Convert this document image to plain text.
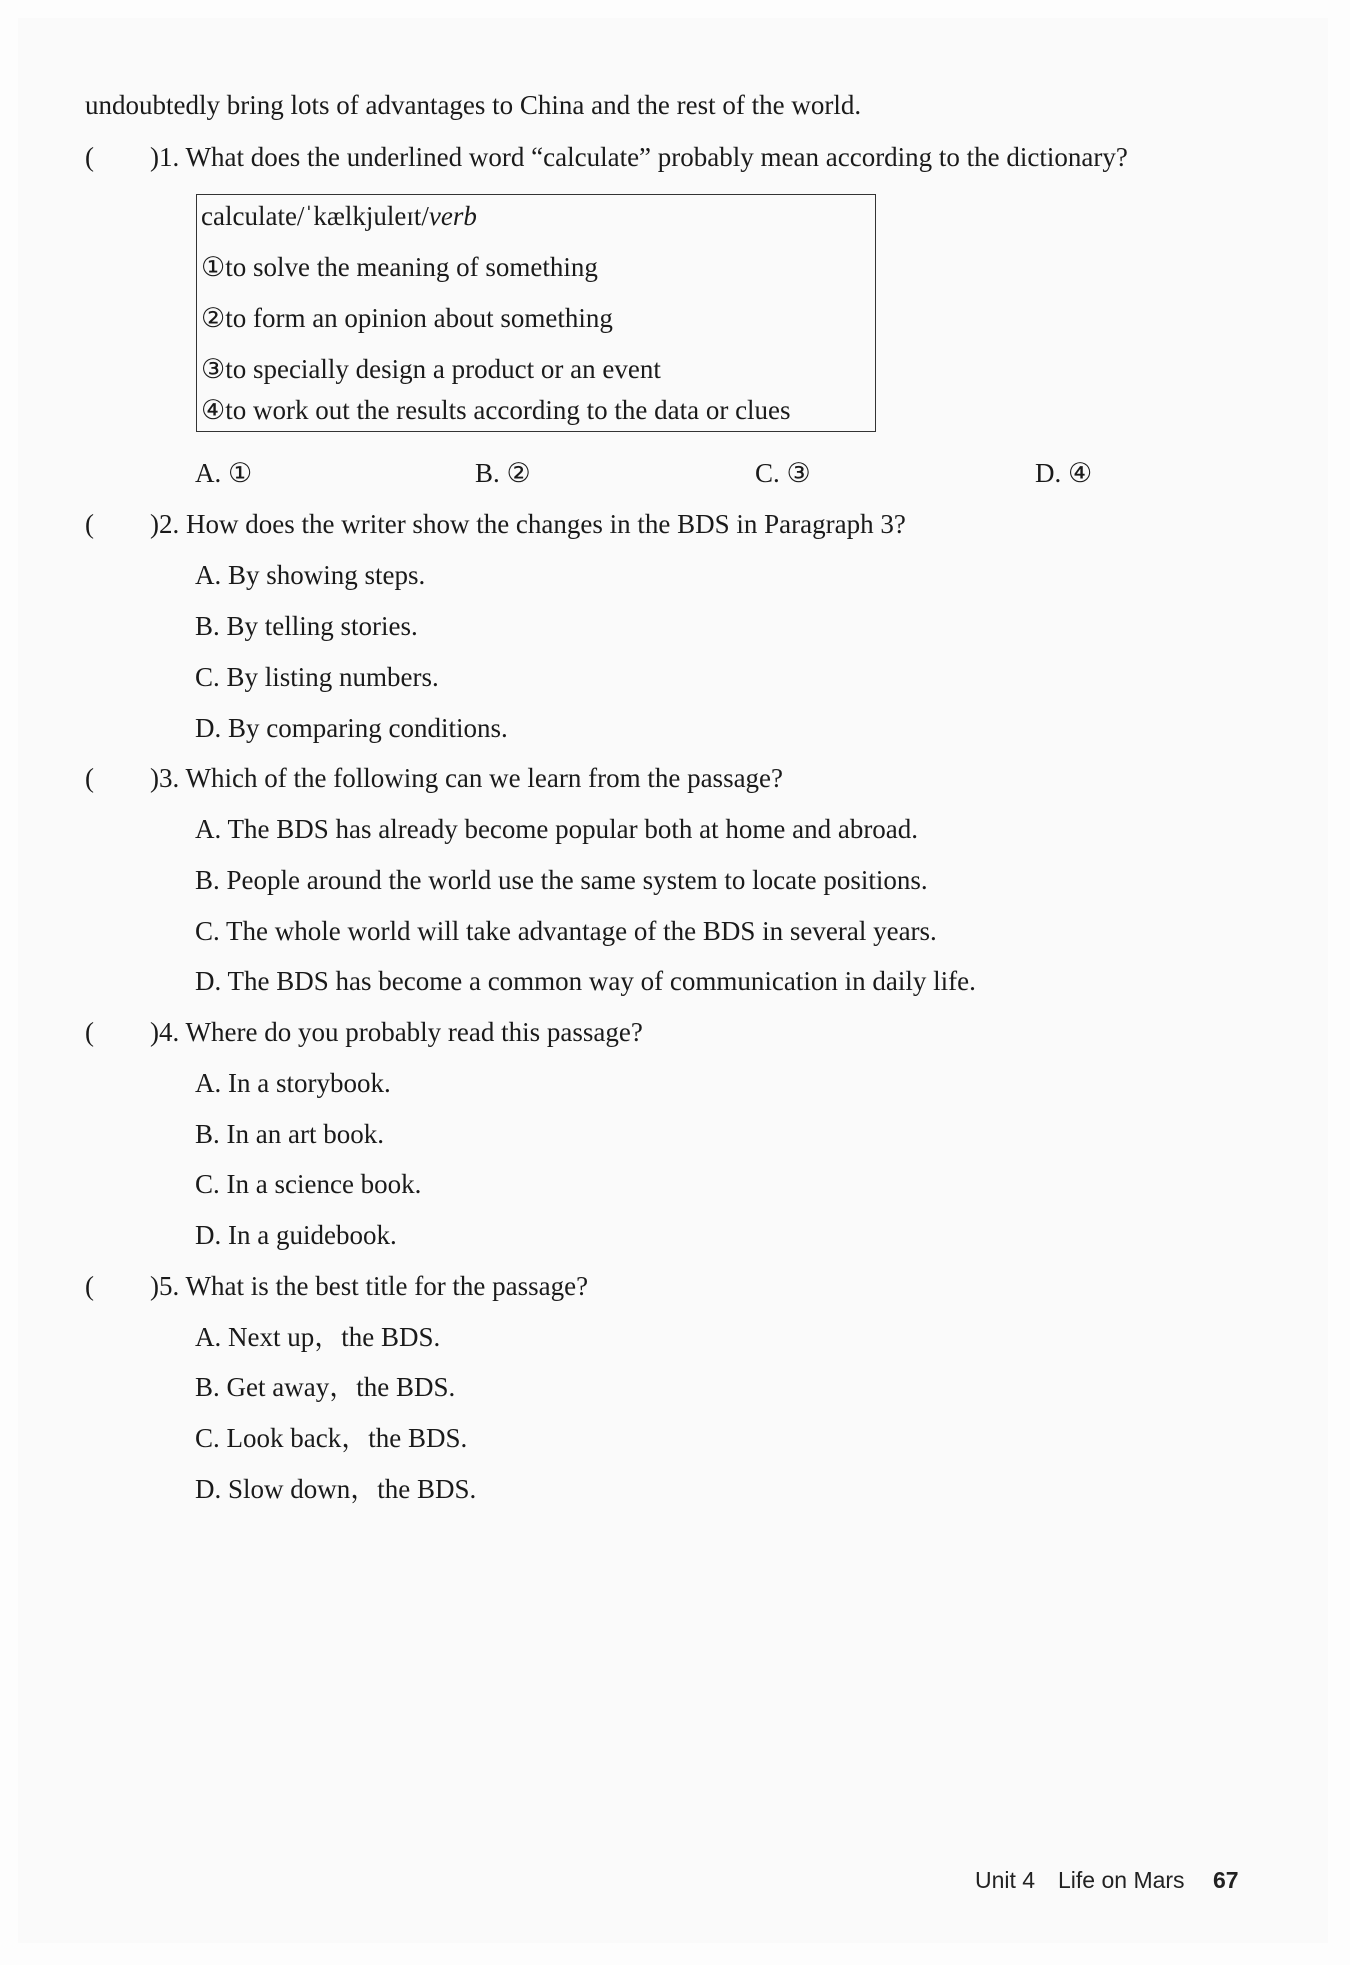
undoubtedly bring lots of advantages to China and the rest of the world.
( )1. What does the underlined word “calculate” probably mean according to the dictionary?
calculate/ˈkælkjuleɪt/verb
①to solve the meaning of something
②to form an opinion about something
③to specially design a product or an event
④to work out the results according to the data or clues
A. ①	B. ②	C. ③	D. ④
( )2. How does the writer show the changes in the BDS in Paragraph 3?
A. By showing steps.
B. By telling stories.
C. By listing numbers.
D. By comparing conditions.
( )3. Which of the following can we learn from the passage?
A. The BDS has already become popular both at home and abroad.
B. People around the world use the same system to locate positions.
C. The whole world will take advantage of the BDS in several years.
D. The BDS has become a common way of communication in daily life.
( )4. Where do you probably read this passage?
A. In a storybook.
B. In an art book.
C. In a science book.
D. In a guidebook.
( )5. What is the best title for the passage?
A. Next up，the BDS.
B. Get away，the BDS.
C. Look back，the BDS.
D. Slow down，the BDS.
Unit 4 Life on Mars 67
